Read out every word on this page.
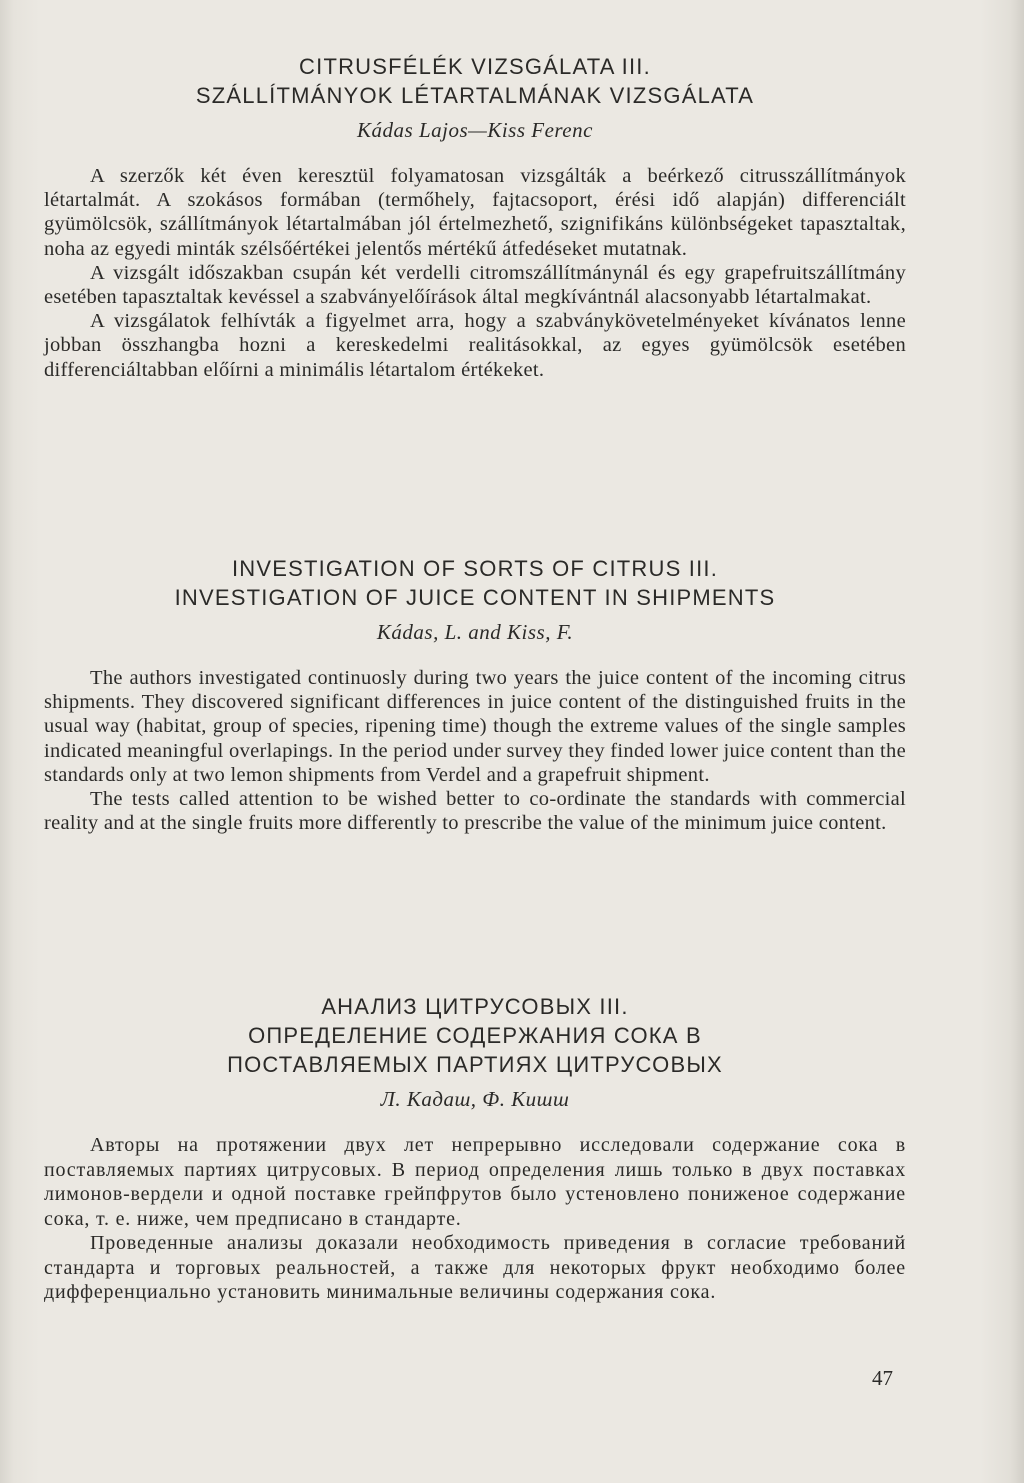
CITRUSFÉLÉK VIZSGÁLATA III.
SZÁLLÍTMÁNYOK LÉTARTALMÁNAK VIZSGÁLATA
Kádas Lajos—Kiss Ferenc

A szerzők két éven keresztül folyamatosan vizsgálták a beérkező citrusszállítmányok létartalmát. A szokásos formában (termőhely, fajtacsoport, érési idő alapján) differenciált gyümölcsök, szállítmányok létartalmában jól értelmezhető, szignifikáns különbségeket tapasztaltak, noha az egyedi minták szélsőértékei jelentős mértékű átfedéseket mutatnak.

A vizsgált időszakban csupán két verdelli citromszállítmánynál és egy grapefruitszállítmány esetében tapasztaltak kevéssel a szabványelőírások által megkívántnál alacsonyabb létartalmakat.

A vizsgálatok felhívták a figyelmet arra, hogy a szabványkövetelményeket kívánatos lenne jobban összhangba hozni a kereskedelmi realitásokkal, az egyes gyümölcsök esetében differenciáltabban előírni a minimális létartalom értékeket.

INVESTIGATION OF SORTS OF CITRUS III.
INVESTIGATION OF JUICE CONTENT IN SHIPMENTS
Kádas, L. and Kiss, F.

The authors investigated continuosly during two years the juice content of the incoming citrus shipments. They discovered significant differences in juice content of the distinguished fruits in the usual way (habitat, group of species, ripening time) though the extreme values of the single samples indicated meaningful overlapings. In the period under survey they finded lower juice content than the standards only at two lemon shipments from Verdel and a grapefruit shipment.

The tests called attention to be wished better to co-ordinate the standards with commercial reality and at the single fruits more differently to prescribe the value of the minimum juice content.

АНАЛИЗ ЦИТРУСОВЫХ III.
ОПРЕДЕЛЕНИЕ СОДЕРЖАНИЯ СОКА В ПОСТАВЛЯЕМЫХ ПАРТИЯХ ЦИТРУСОВЫХ
Л. Кадаш, Ф. Кишш

Авторы на протяжении двух лет непрерывно исследовали содержание сока в поставляемых партиях цитрусовых. В период определения лишь только в двух поставках лимонов-вердели и одной поставке грейпфрутов было устеновлено пониженое содержание сока, т. е. ниже, чем предписано в стандарте.

Проведенные анализы доказали необходимость приведения в согласие требований стандарта и торговых реальностей, а также для некоторых фрукт необходимо более дифференциально установить минимальные величины содержания сока.

47
